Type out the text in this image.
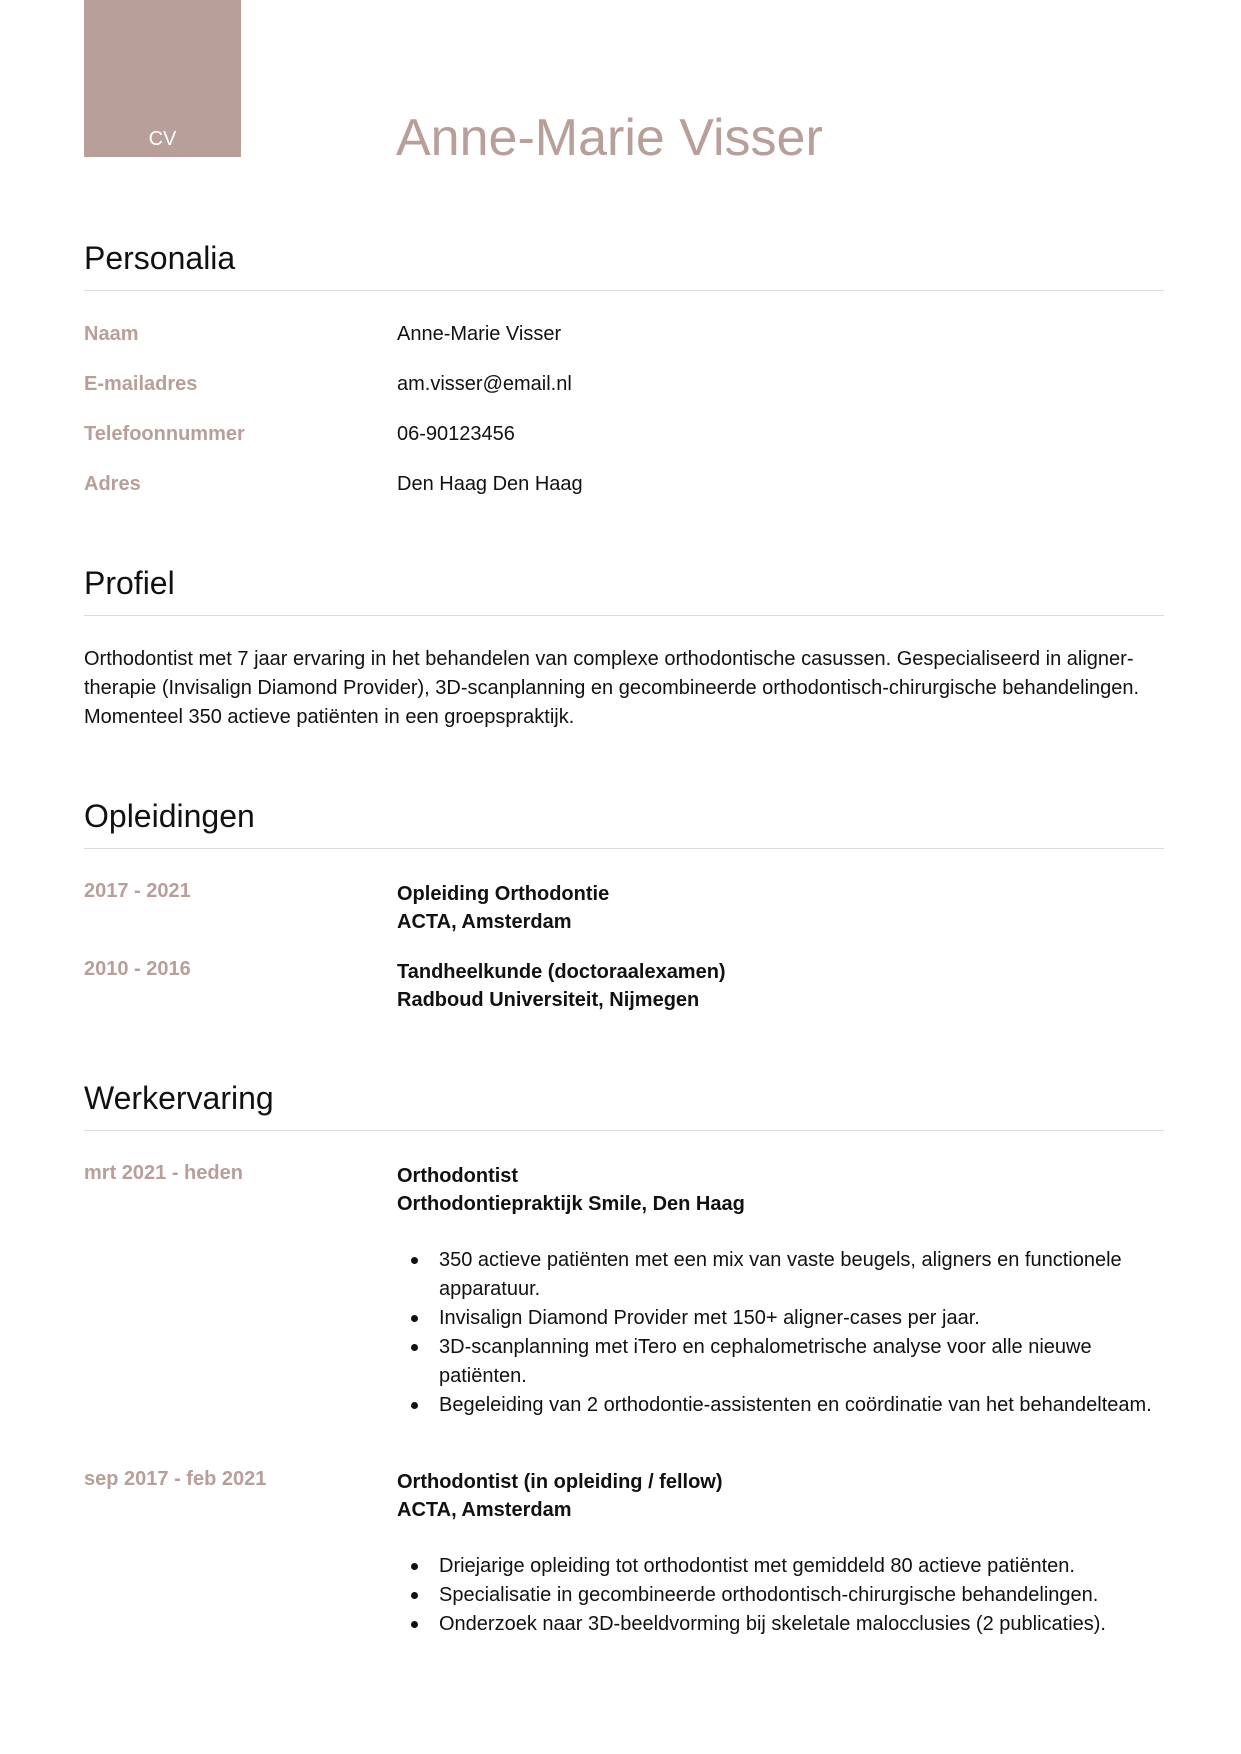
CV	Anne-Marie Visser
Personalia
Naam	Anne-Marie Visser
E-mailadres	am.visser@email.nl
Telefoonnummer	06-90123456
Adres	Den Haag Den Haag
Profiel

Orthodontist met 7 jaar ervaring in het behandelen van complexe orthodontische casussen. Gespecialiseerd in aligner-therapie (Invisalign Diamond Provider), 3D-scanplanning en gecombineerde orthodontisch-chirurgische behandelingen. Momenteel 350 actieve patiënten in een groepspraktijk.

Opleidingen
2017 - 2021	Opleiding Orthodontie
ACTA, Amsterdam
2010 - 2016	Tandheelkunde (doctoraalexamen)
Radboud Universiteit, Nijmegen
Werkervaring
mrt 2021 - heden	Orthodontist
Orthodontiepraktijk Smile, Den Haag
350 actieve patiënten met een mix van vaste beugels, aligners en functionele apparatuur.
Invisalign Diamond Provider met 150+ aligner-cases per jaar.
3D-scanplanning met iTero en cephalometrische analyse voor alle nieuwe patiënten.
Begeleiding van 2 orthodontie-assistenten en coördinatie van het behandelteam.
sep 2017 - feb 2021	Orthodontist (in opleiding / fellow)
ACTA, Amsterdam
Driejarige opleiding tot orthodontist met gemiddeld 80 actieve patiënten.
Specialisatie in gecombineerde orthodontisch-chirurgische behandelingen.
Onderzoek naar 3D-beeldvorming bij skeletale malocclusies (2 publicaties).
